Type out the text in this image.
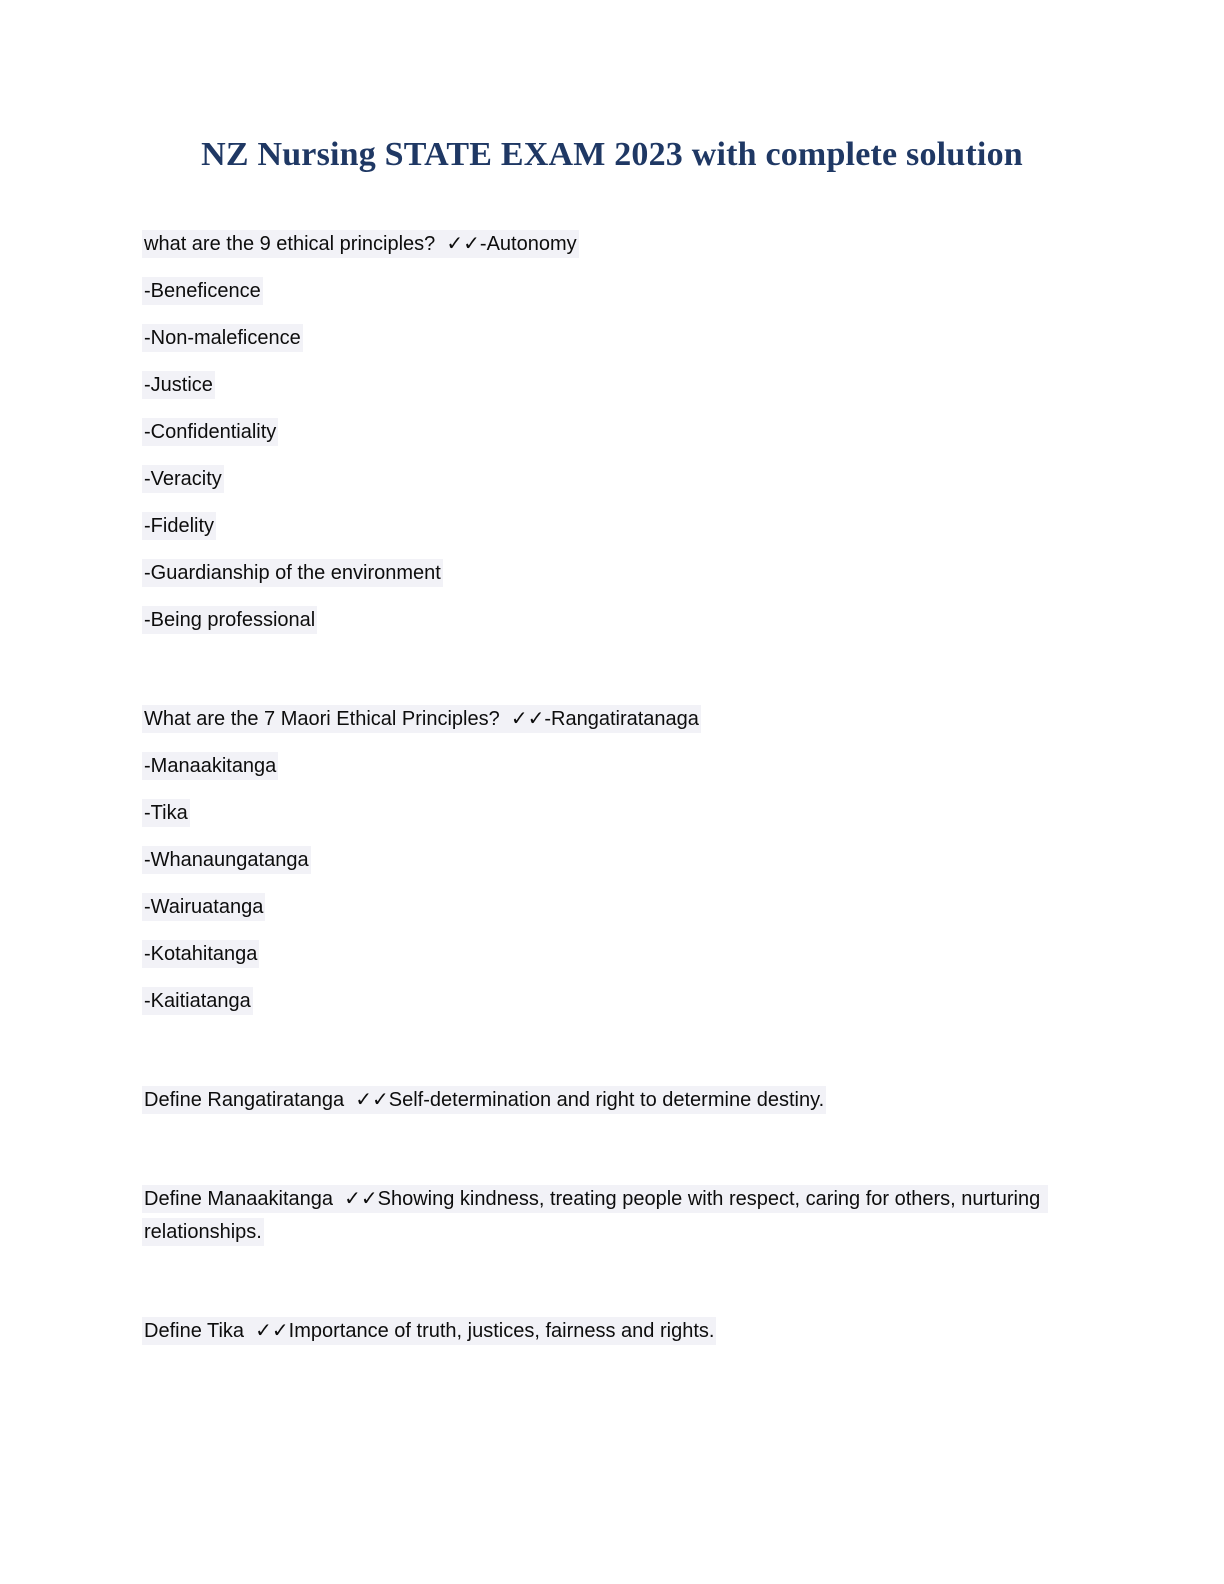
NZ Nursing STATE EXAM 2023 with complete solution

what are the 9 ethical principles?  ✓✓-Autonomy

-Beneficence

-Non-maleficence

-Justice

-Confidentiality

-Veracity

-Fidelity

-Guardianship of the environment

-Being professional

What are the 7 Maori Ethical Principles?  ✓✓-Rangatiratanaga

-Manaakitanga

-Tika

-Whanaungatanga

-Wairuatanga

-Kotahitanga

-Kaitiatanga

Define Rangatiratanga  ✓✓Self-determination and right to determine destiny.

Define Manaakitanga  ✓✓Showing kindness, treating people with respect, caring for others, nurturing relationships.

Define Tika  ✓✓Importance of truth, justices, fairness and rights.
